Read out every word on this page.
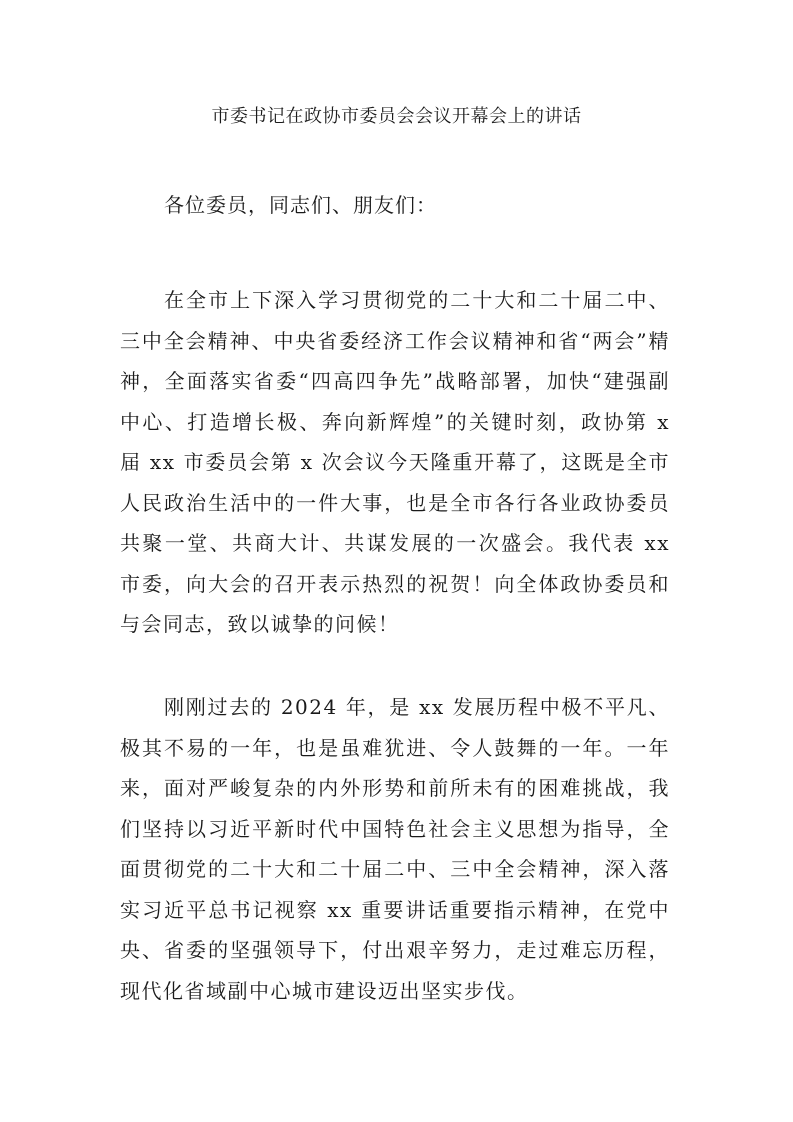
市委书记在政协市委员会会议开幕会上的讲话
各位委员，同志们、朋友们：

在全市上下深入学习贯彻党的二十大和二十届二中、三中全会精神、中央省委经济工作会议精神和省“两会”精神，全面落实省委“四高四争先”战略部署，加快“建强副中心、打造增长极、奔向新辉煌”的关键时刻，政协第 x 届 xx 市委员会第 x 次会议今天隆重开幕了，这既是全市人民政治生活中的一件大事，也是全市各行各业政协委员共聚一堂、共商大计、共谋发展的一次盛会。我代表 xx 市委，向大会的召开表示热烈的祝贺！向全体政协委员和与会同志，致以诚挚的问候！

刚刚过去的 2024 年，是 xx 发展历程中极不平凡、极其不易的一年，也是虽难犹进、令人鼓舞的一年。一年来，面对严峻复杂的内外形势和前所未有的困难挑战，我们坚持以习近平新时代中国特色社会主义思想为指导，全面贯彻党的二十大和二十届二中、三中全会精神，深入落实习近平总书记视察 xx 重要讲话重要指示精神，在党中央、省委的坚强领导下，付出艰辛努力，走过难忘历程，现代化省域副中心城市建设迈出坚实步伐。
